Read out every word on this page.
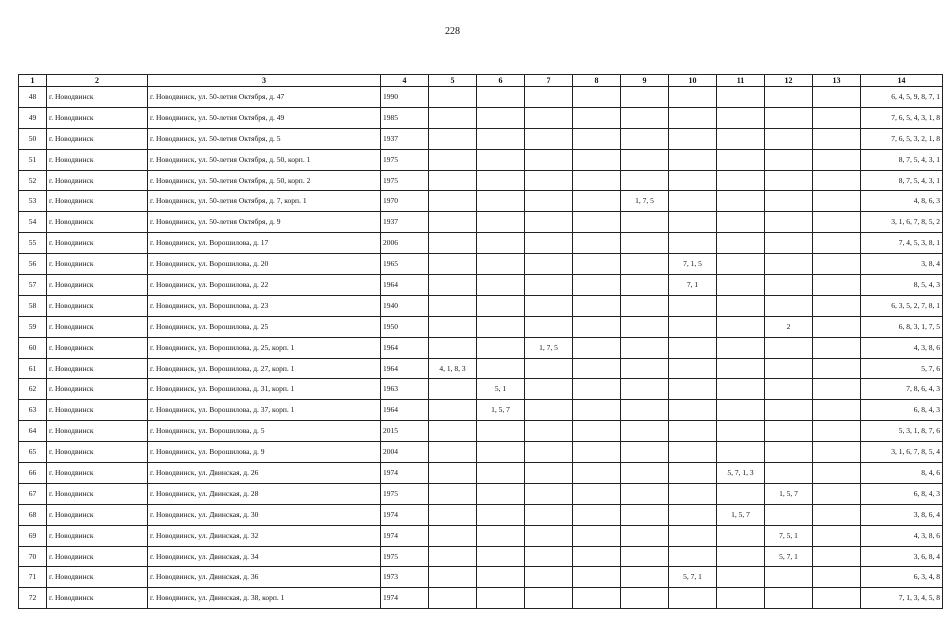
228
1	2	3	4	5	6	7	8	9	10	11	12	13	14
48	г. Новодвинск	г. Новодвинск, ул. 50-летия Октября, д. 47	1990										6, 4, 5, 9, 8, 7, 1
49	г. Новодвинск	г. Новодвинск, ул. 50-летия Октября, д. 49	1985										7, 6, 5, 4, 3, 1, 8
50	г. Новодвинск	г. Новодвинск, ул. 50-летия Октября, д. 5	1937										7, 6, 5, 3, 2, 1, 8
51	г. Новодвинск	г. Новодвинск, ул. 50-летия Октября, д. 50, корп. 1	1975										8, 7, 5, 4, 3, 1
52	г. Новодвинск	г. Новодвинск, ул. 50-летия Октября, д. 50, корп. 2	1975										8, 7, 5, 4, 3, 1
53	г. Новодвинск	г. Новодвинск, ул. 50-летия Октября, д. 7, корп. 1	1970					1, 7, 5					4, 8, 6, 3
54	г. Новодвинск	г. Новодвинск, ул. 50-летия Октября, д. 9	1937										3, 1, 6, 7, 8, 5, 2
55	г. Новодвинск	г. Новодвинск, ул. Ворошилова, д. 17	2006										7, 4, 5, 3, 8, 1
56	г. Новодвинск	г. Новодвинск, ул. Ворошилова, д. 20	1965						7, 1, 5				3, 8, 4
57	г. Новодвинск	г. Новодвинск, ул. Ворошилова, д. 22	1964						7, 1				8, 5, 4, 3
58	г. Новодвинск	г. Новодвинск, ул. Ворошилова, д. 23	1940										6, 3, 5, 2, 7, 8, 1
59	г. Новодвинск	г. Новодвинск, ул. Ворошилова, д. 25	1950								2		6, 8, 3, 1, 7, 5
60	г. Новодвинск	г. Новодвинск, ул. Ворошилова, д. 25, корп. 1	1964			1, 7, 5							4, 3, 8, 6
61	г. Новодвинск	г. Новодвинск, ул. Ворошилова, д. 27, корп. 1	1964	4, 1, 8, 3									5, 7, 6
62	г. Новодвинск	г. Новодвинск, ул. Ворошилова, д. 31, корп. 1	1963		5, 1								7, 8, 6, 4, 3
63	г. Новодвинск	г. Новодвинск, ул. Ворошилова, д. 37, корп. 1	1964		1, 5, 7								6, 8, 4, 3
64	г. Новодвинск	г. Новодвинск, ул. Ворошилова, д. 5	2015										5, 3, 1, 8, 7, 6
65	г. Новодвинск	г. Новодвинск, ул. Ворошилова, д. 9	2004										3, 1, 6, 7, 8, 5, 4
66	г. Новодвинск	г. Новодвинск, ул. Двинская, д. 26	1974							5, 7, 1, 3			8, 4, 6
67	г. Новодвинск	г. Новодвинск, ул. Двинская, д. 28	1975								1, 5, 7		6, 8, 4, 3
68	г. Новодвинск	г. Новодвинск, ул. Двинская, д. 30	1974							1, 5, 7			3, 8, 6, 4
69	г. Новодвинск	г. Новодвинск, ул. Двинская, д. 32	1974								7, 5, 1		4, 3, 8, 6
70	г. Новодвинск	г. Новодвинск, ул. Двинская, д. 34	1975								5, 7, 1		3, 6, 8, 4
71	г. Новодвинск	г. Новодвинск, ул. Двинская, д. 36	1973						5, 7, 1				6, 3, 4, 8
72	г. Новодвинск	г. Новодвинск, ул. Двинская, д. 38, корп. 1	1974										7, 1, 3, 4, 5, 8
